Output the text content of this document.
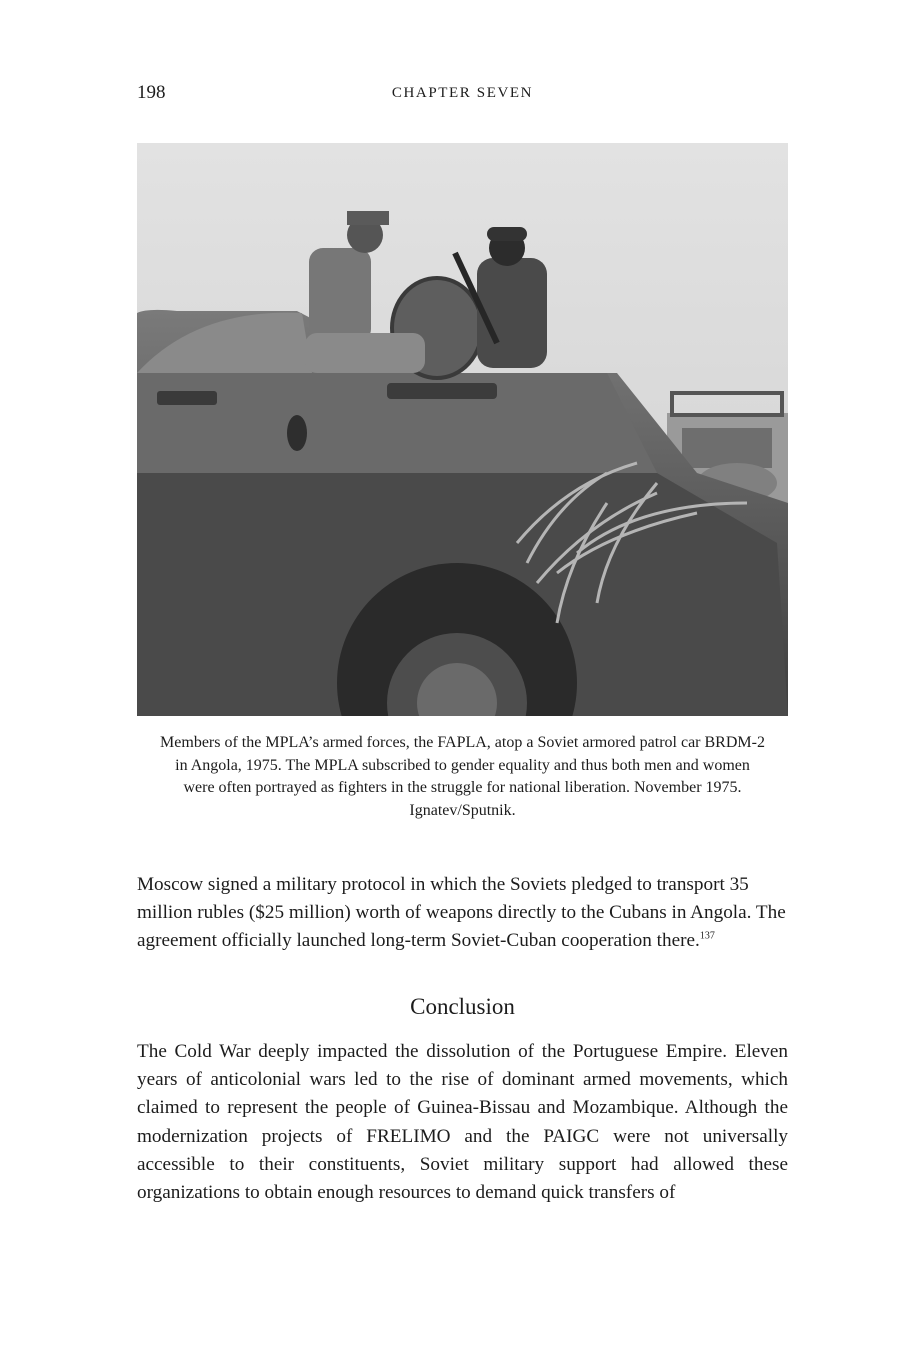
198	CHAPTER SEVEN
Members of the MPLA’s armed forces, the FAPLA, atop a Soviet armored patrol car BRDM-2 in Angola, 1975. The MPLA subscribed to gender equality and thus both men and women were often portrayed as fighters in the struggle for national liberation. November 1975. Ignatev/Sputnik.

Moscow signed a military protocol in which the Soviets pledged to transport 35 million rubles ($25 million) worth of weapons directly to the Cubans in Angola. The agreement officially launched long-term Soviet-Cuban cooperation there.$^{137}$

Conclusion

The Cold War deeply impacted the dissolution of the Portuguese Empire. Eleven years of anticolonial wars led to the rise of dominant armed movements, which claimed to represent the people of Guinea-Bissau and Mozambique. Although the modernization projects of FRELIMO and the PAIGC were not universally accessible to their constituents, Soviet military support had allowed these organizations to obtain enough resources to demand quick transfers of
